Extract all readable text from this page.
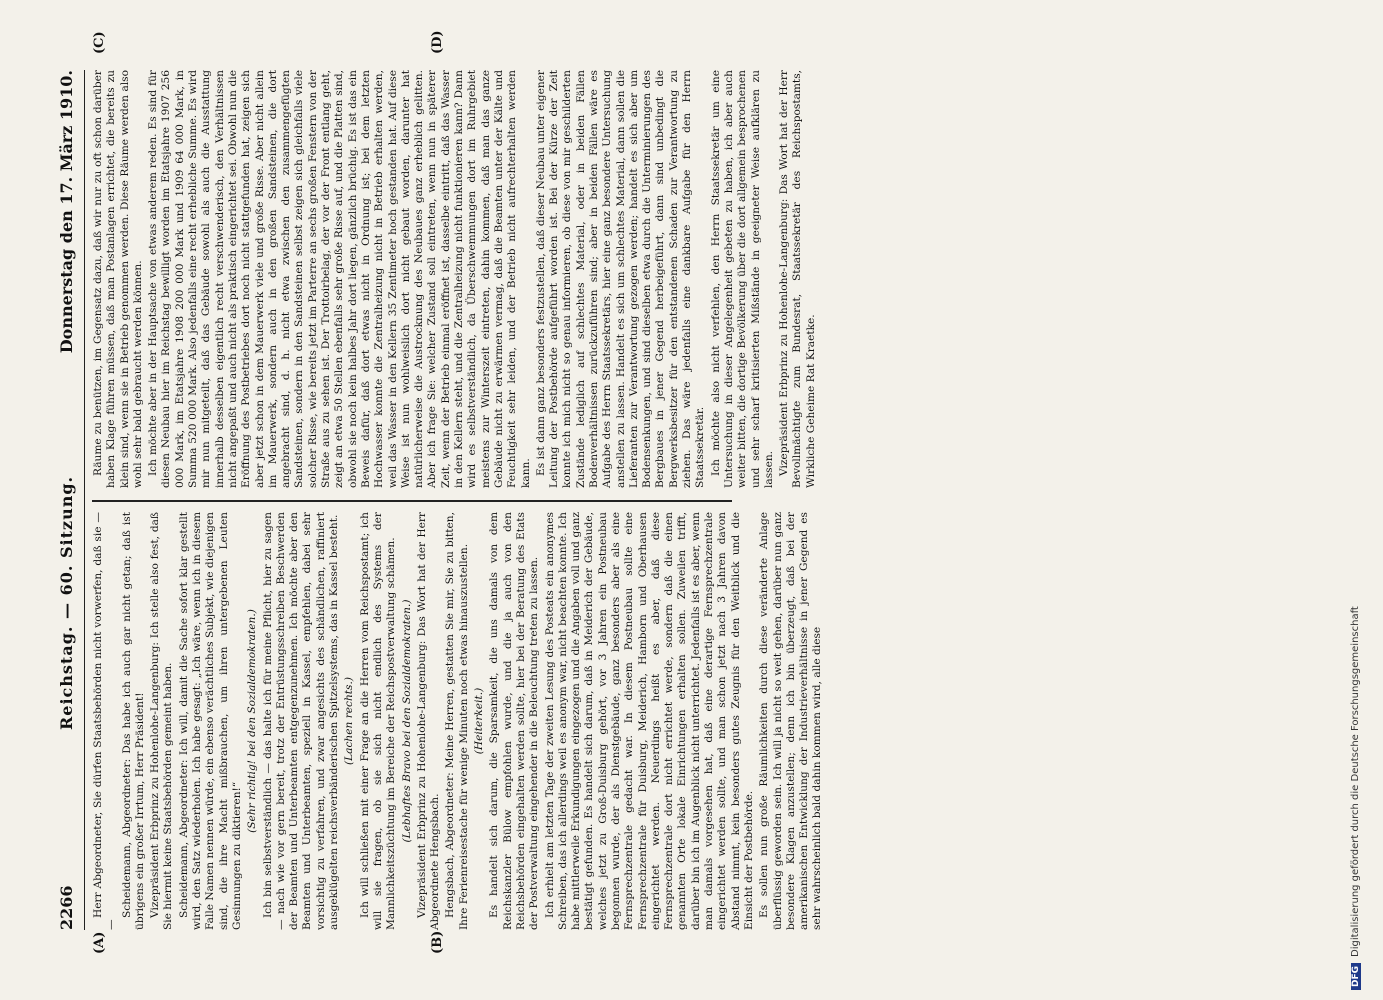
2266
Reichstag. — 60. Sitzung.
Donnerstag den 17. März 1910.
(A)	(B)
(C)	(D)

Herr Abgeordneter, Sie dürfen Staatsbehörden nicht vorwerfen, daß sie — —

Scheidemann, Abgeordneter: Das habe ich auch gar nicht getan; daß ist übrigens ein großer Irrtum, Herr Präsident! Vizepräsident Erbprinz zu Hohenlohe-Langenburg: Ich stelle also fest, daß Sie hiermit keine Staatsbehörden gemeint haben. Scheidemann, Abgeordneter: Ich will, damit die Sache sofort klar gestellt wird, den Satz wiederholen. Ich habe gesagt: „Ich wäre, wenn ich in diesem Falle Namen nennen würde, ein ebenso verächtliches Subjekt, wie diejenigen sind, die ihre Macht mißbrauchen, um ihren untergebenen Leuten Gesinnungen zu diktieren!“

(Sehr richtig! bei den Sozialdemokraten.) Ich bin selbstverständlich — das halte ich für meine Pflicht, hier zu sagen — nach wie vor gern bereit, trotz der Entrüstungsschreiben Beschwerden der Beamten und Unterbeamten entgegenzunehmen. Ich möchte aber den Beamten und Unterbeamten, speziell in Kassel, empfehlen, dabei sehr vorsichtig zu verfahren, und zwar angesichts des schändlichen, raffiniert ausgeklügelten reichsverbänderischen Spitzelsystems, das in Kassel besteht. (Lachen rechts.) Ich will schließen mit einer Frage an die Herren vom Reichspostamt; ich will sie fragen, ob sie sich nicht endlich des Systems der Mannlichkeitszüchtung im Bereiche der Reichspostverwaltung schämen. (Lebhaftes Bravo bei den Sozialdemokraten.) Vizepräsident Erbprinz zu Hohenlohe-Langenburg: Das Wort hat der Herr Abgeordnete Hengsbach. Hengsbach, Abgeordneter: Meine Herren, gestatten Sie mir, Sie zu bitten, Ihre Ferienreisestache für wenige Minuten noch etwas hinauszustellen. (Heiterkeit.) Es handelt sich darum, die Sparsamkeit, die uns damals von dem Reichskanzler Bülow empfohlen wurde, und die ja auch von den Reichsbehörden eingehalten werden sollte, hier bei der Beratung des Etats der Postverwaltung eingehender in die Beleuchtung treten zu lassen. Ich erhielt am letzten Tage der zweiten Lesung des Posteats ein anonymes Schreiben, das ich allerdings weil es anonym war, nicht beachten konnte. Ich habe mittlerweile Erkundigungen eingezogen und die Angaben voll und ganz bestätigt gefunden. Es handelt sich darum, daß in Meiderich der Gebäude, welches jetzt zu Groß-Duisburg gehört, vor 3 Jahren ein Postneubau begonnen wurde, der als Dienstgebäude, ganz besonders aber als eine Fernsprechzentrale gedacht war. In diesem Postneubau sollte eine Fernsprechzentrale für Duisburg, Meiderich, Hamborn und Oberhausen eingerichtet werden. Neuerdings heißt es aber, daß diese Fernsprechzentrale dort nicht errichtet werde, sondern daß die einen genannten Orte lokale Einrichtungen erhalten sollen. Zuweilen trifft, darüber bin ich im Augenblick nicht unterrichtet. Jedenfalls ist es aber, wenn man damals vorgesehen hat, daß eine derartige Fernsprechzentrale eingerichtet werden sollte, und man schon jetzt nach 3 Jahren davon Abstand nimmt, kein besonders gutes Zeugnis für den Weitblick und die Einsicht der Postbehörde. Es sollen nun große Räumlichkeiten durch diese veränderte Anlage überflüssig geworden sein. Ich will ja nicht so weit gehen, darüber nun ganz besondere Klagen anzustellen; denn ich bin überzeugt, daß bei der amerikanischen Entwicklung der Industrieverhältnisse in jener Gegend es sehr wahrscheinlich bald dahin kommen wird, alle diese

Räume zu benützen, im Gegensatz dazu, daß wir nur zu oft schon darüber haben Klage führen müssen, daß man Postanlagen errichtet, die bereits zu klein sind, wenn sie in Betrieb genommen werden. Diese Räume werden also wohl sehr bald gebraucht werden können. Ich möchte aber in der Hauptsache von etwas anderem reden. Es sind für diesen Neubau hier im Reichstag bewilligt worden im Etatsjahre 1907 256 000 Mark, im Etatsjahre 1908 200 000 Mark und 1909 64 000 Mark, in Summa 520 000 Mark. Also jedenfalls eine recht erhebliche Summe. Es wird mir nun mitgeteilt, daß das Gebäude sowohl als auch die Ausstattung innerhalb desselben eigentlich recht verschwenderisch, den Verhältnissen nicht angepaßt und auch nicht als praktisch eingerichtet sei. Obwohl nun die Eröffnung des Postbetriebes dort noch nicht stattgefunden hat, zeigen sich aber jetzt schon in dem Mauerwerk viele und große Risse. Aber nicht allein im Mauerwerk, sondern auch in den großen Sandsteinen, die dort angebracht sind, d. h. nicht etwa zwischen den zusammengefügten Sandsteinen, sondern in den Sandsteinen selbst zeigen sich gleichfalls viele solcher Risse, wie bereits jetzt im Parterre an sechs großen Fenstern von der Straße aus zu sehen ist. Der Trottoirbelag, der vor der Front entlang geht, zeigt an etwa 50 Stellen ebenfalls sehr große Risse auf, und die Platten sind, obwohl sie noch kein halbes Jahr dort liegen, gänzlich brüchig. Es ist das ein Beweis dafür, daß dort etwas nicht in Ordnung ist; bei dem letzten Hochwasser konnte die Zentralheizung nicht in Betrieb erhalten werden, weil das Wasser in den Kellern 35 Zentimeter hoch gestanden hat. Auf diese Weise ist nun wohlweislich dort nicht gebaut worden, darunter hat natürlicherweise die Austrocknung des Neubaues ganz erheblich gelitten. Aber ich frage Sie: welcher Zustand soll eintreten, wenn nun in späterer Zeit, wenn der Betrieb einmal eröffnet ist, dasselbe eintritt, daß das Wasser in den Kellern steht, und die Zentralheizung nicht funktionieren kann? Dann wird es selbstverständlich, da Überschwemmungen dort im Ruhrgebiet meistens zur Winterszeit eintreten, dahin kommen, daß man das ganze Gebäude nicht zu erwärmen vermag, daß die Beamten unter der Kälte und Feuchtigkeit sehr leiden, und der Betrieb nicht aufrechterhalten werden kann. Es ist dann ganz besonders festzustellen, daß dieser Neubau unter eigener Leitung der Postbehörde aufgeführt worden ist. Bei der Kürze der Zeit konnte ich mich nicht so genau informieren, ob diese von mir geschilderten Zustände lediglich auf schlechtes Material, oder in beiden Fällen Bodenverhältnissen zurückzuführen sind; aber in beiden Fällen wäre es Aufgabe des Herrn Staatssekretärs, hier eine ganz besondere Untersuchung anstellen zu lassen. Handelt es sich um schlechtes Material, dann sollen die Lieferanten zur Verantwortung gezogen werden; handelt es sich aber um Bodensenkungen, und sind dieselben etwa durch die Unterminierungen des Bergbaues in jener Gegend herbeigeführt, dann sind unbedingt die Bergwerksbesitzer für den entstandenen Schaden zur Verantwortung zu ziehen. Das wäre jedenfalls eine dankbare Aufgabe für den Herrn Staatssekretär. Ich möchte also nicht verfehlen, den Herrn Staatssekretär um eine Untersuchung in dieser Angelegenheit gebeten zu haben, ich aber auch weiter bitten, die dortige Bevölkerung über die dort allgemein besprochenen und sehr scharf kritisierten Mißstände in geeigneter Weise aufklären zu lassen. Vizepräsident Erbprinz zu Hohenlohe-Langenburg: Das Wort hat der Herr Bevollmächtigte zum Bundesrat, Staatssekretär des Reichspostamts, Wirkliche Geheime Rat Kraetke.

DFG
Digitalisierung gefördert durch die Deutsche Forschungsgemeinschaft
